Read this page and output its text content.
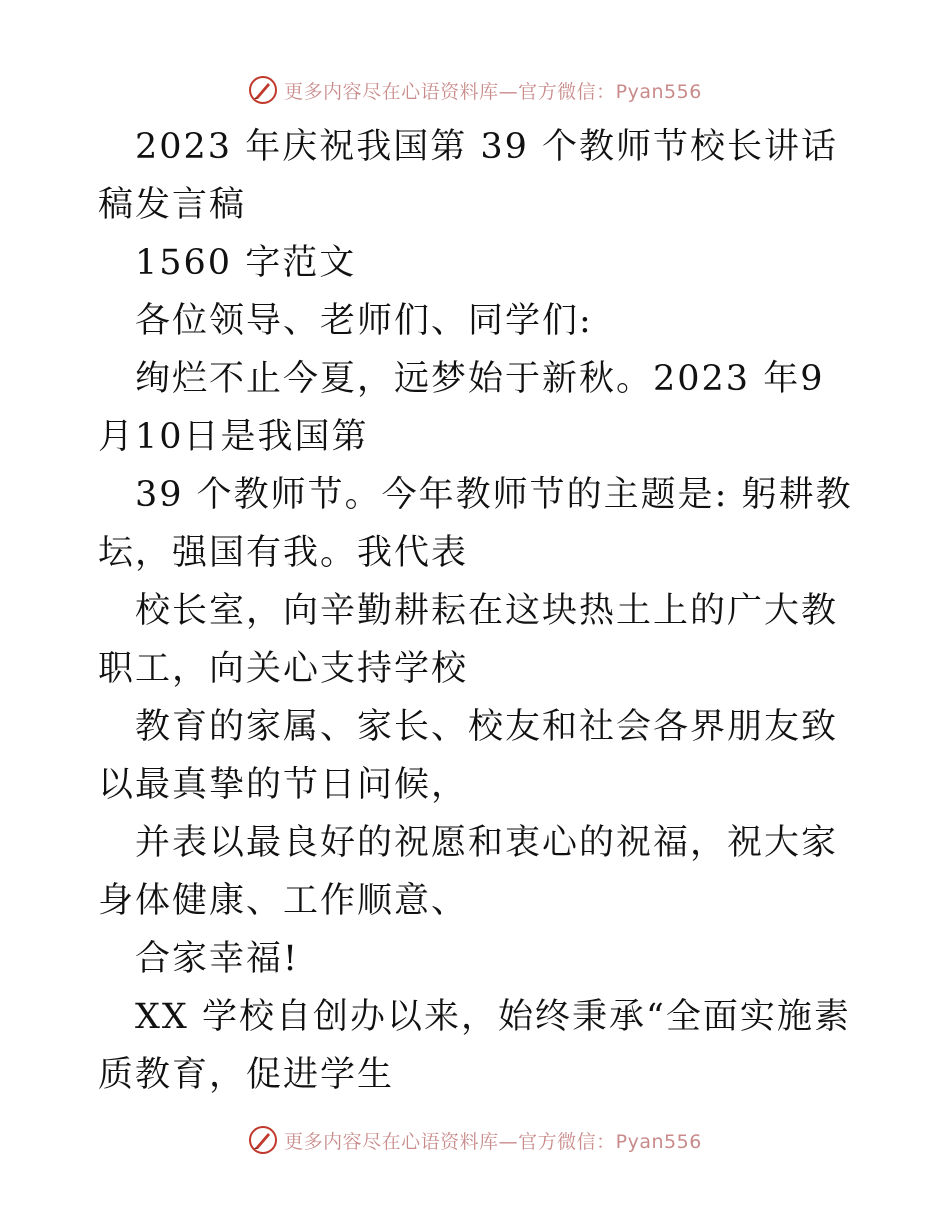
更多内容尽在心语资料库—官方微信：Pyan556

2023 年庆祝我国第 39 个教师节校长讲话稿发言稿

1560 字范文

各位领导、老师们、同学们:

绚烂不止今夏，远梦始于新秋。2023 年9月10日是我国第

39 个教师节。今年教师节的主题是: 躬耕教坛，强国有我。我代表

校长室，向辛勤耕耘在这块热土上的广大教职工，向关心支持学校

教育的家属、家长、校友和社会各界朋友致以最真挚的节日问候，

并表以最良好的祝愿和衷心的祝福，祝大家身体健康、工作顺意、

合家幸福!

XX 学校自创办以来，始终秉承“全面实施素质教育，促进学生

更多内容尽在心语资料库—官方微信：Pyan556
